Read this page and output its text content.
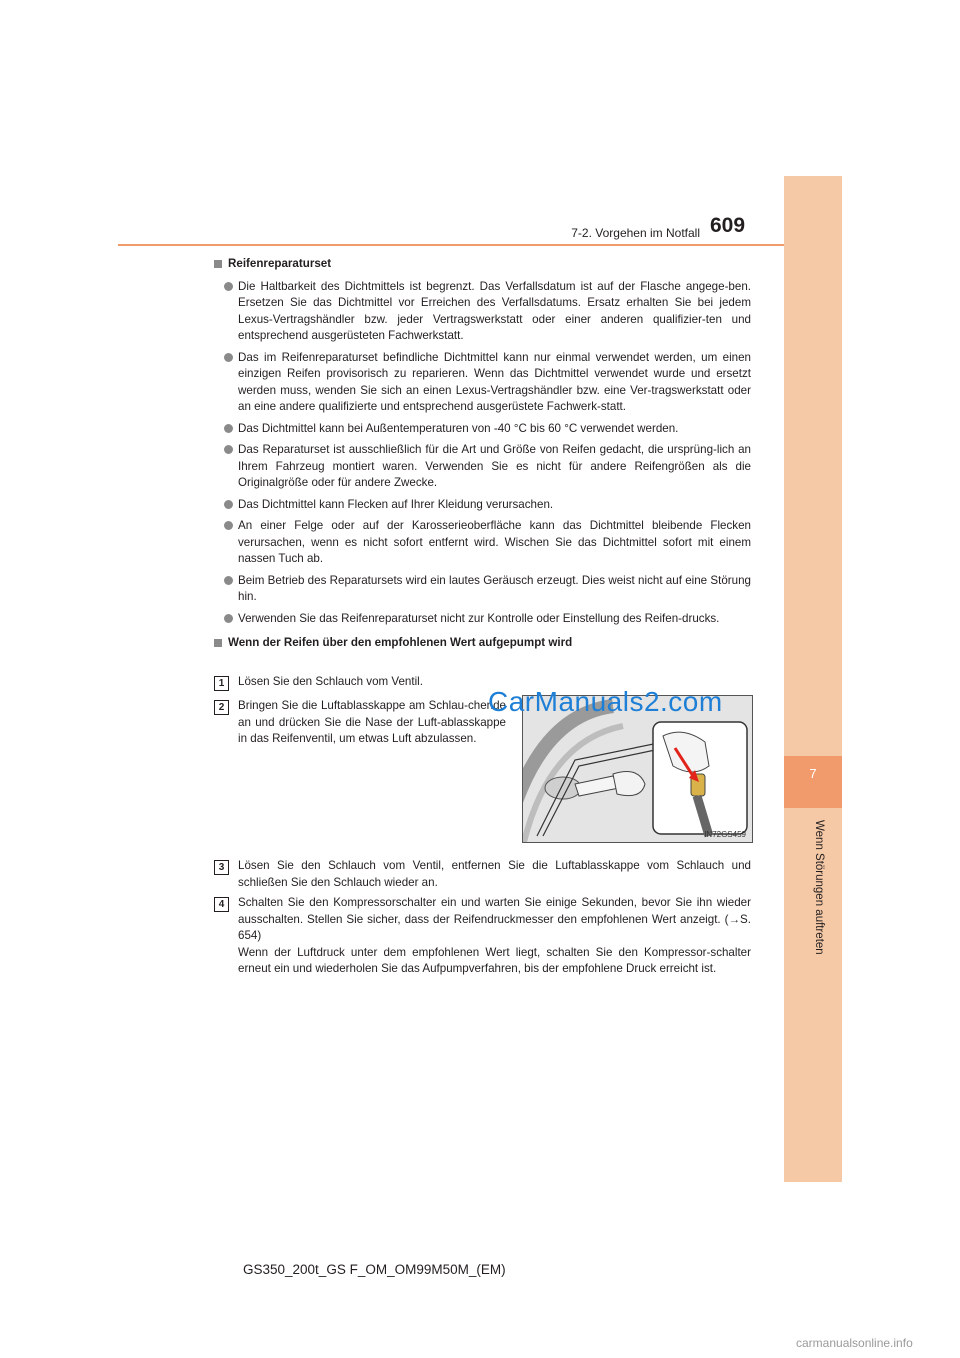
7
Wenn Störungen auftreten
7-2. Vorgehen im Notfall 609
Reifenreparaturset
Die Haltbarkeit des Dichtmittels ist begrenzt. Das Verfallsdatum ist auf der Flasche angege-ben. Ersetzen Sie das Dichtmittel vor Erreichen des Verfallsdatums. Ersatz erhalten Sie bei jedem Lexus-Vertragshändler bzw. jeder Vertragswerkstatt oder einer anderen qualifizier-ten und entsprechend ausgerüsteten Fachwerkstatt.
Das im Reifenreparaturset befindliche Dichtmittel kann nur einmal verwendet werden, um einen einzigen Reifen provisorisch zu reparieren. Wenn das Dichtmittel verwendet wurde und ersetzt werden muss, wenden Sie sich an einen Lexus-Vertragshändler bzw. eine Ver-tragswerkstatt oder an eine andere qualifizierte und entsprechend ausgerüstete Fachwerk-statt.
Das Dichtmittel kann bei Außentemperaturen von -40 °C bis 60 °C verwendet werden.
Das Reparaturset ist ausschließlich für die Art und Größe von Reifen gedacht, die ursprüng-lich an Ihrem Fahrzeug montiert waren. Verwenden Sie es nicht für andere Reifengrößen als die Originalgröße oder für andere Zwecke.
Das Dichtmittel kann Flecken auf Ihrer Kleidung verursachen.
An einer Felge oder auf der Karosserieoberfläche kann das Dichtmittel bleibende Flecken verursachen, wenn es nicht sofort entfernt wird. Wischen Sie das Dichtmittel sofort mit einem nassen Tuch ab.
Beim Betrieb des Reparatursets wird ein lautes Geräusch erzeugt. Dies weist nicht auf eine Störung hin.
Verwenden Sie das Reifenreparaturset nicht zur Kontrolle oder Einstellung des Reifen-drucks.
Wenn der Reifen über den empfohlenen Wert aufgepumpt wird
1	Lösen Sie den Schlauch vom Ventil.
2	Bringen Sie die Luftablasskappe am Schlau-chende an und drücken Sie die Nase der Luft-ablasskappe in das Reifenventil, um etwas Luft abzulassen.
IN72GS459
3	Lösen Sie den Schlauch vom Ventil, entfernen Sie die Luftablasskappe vom Schlauch und schließen Sie den Schlauch wieder an.
4	Schalten Sie den Kompressorschalter ein und warten Sie einige Sekunden, bevor Sie ihn wieder ausschalten. Stellen Sie sicher, dass der Reifendruckmesser den empfohlenen Wert anzeigt. (→S. 654)
Wenn der Luftdruck unter dem empfohlenen Wert liegt, schalten Sie den Kompressor-schalter erneut ein und wiederholen Sie das Aufpumpverfahren, bis der empfohlene Druck erreicht ist.
CarManuals2.com
GS350_200t_GS F_OM_OM99M50M_(EM)
carmanualsonline.info
